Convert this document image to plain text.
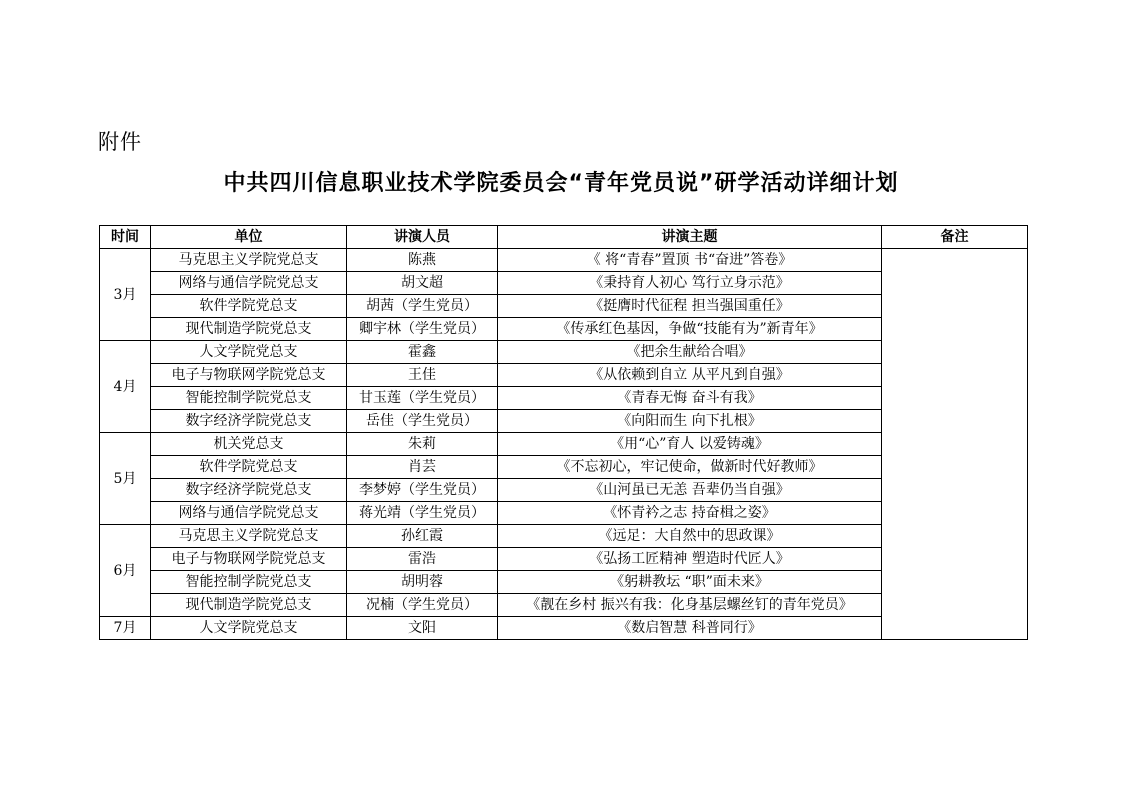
附件
中共四川信息职业技术学院委员会“青年党员说”研学活动详细计划
时间	单位	讲演人员	讲演主题	备注
3月	马克思主义学院党总支	陈燕	《 将“青春”置顶 书“奋进”答卷》	
	网络与通信学院党总支	胡文超	《秉持育人初心 笃行立身示范》	
	软件学院党总支	胡茜（学生党员）	《挺膺时代征程 担当强国重任》	
	现代制造学院党总支	卿宇林（学生党员）	《传承红色基因，争做“技能有为”新青年》	
4月	人文学院党总支	霍鑫	《把余生献给合唱》	
	电子与物联网学院党总支	王佳	《从依赖到自立 从平凡到自强》	
	智能控制学院党总支	甘玉莲（学生党员）	《青春无悔 奋斗有我》	
	数字经济学院党总支	岳佳（学生党员）	《向阳而生 向下扎根》	
5月	机关党总支	朱莉	《用“心”育人 以爱铸魂》	
	软件学院党总支	肖芸	《不忘初心，牢记使命，做新时代好教师》	
	数字经济学院党总支	李梦婷（学生党员）	《山河虽已无恙 吾辈仍当自强》	
	网络与通信学院党总支	蒋光靖（学生党员）	《怀青衿之志 持奋楫之姿》	
6月	马克思主义学院党总支	孙红霞	《远足：大自然中的思政课》	
	电子与物联网学院党总支	雷浩	《弘扬工匠精神 塑造时代匠人》	
	智能控制学院党总支	胡明蓉	《躬耕教坛 “职”面未来》	
	现代制造学院党总支	况楠（学生党员）	《靓在乡村 振兴有我：化身基层螺丝钉的青年党员》	
7月	人文学院党总支	文阳	《数启智慧 科普同行》	
